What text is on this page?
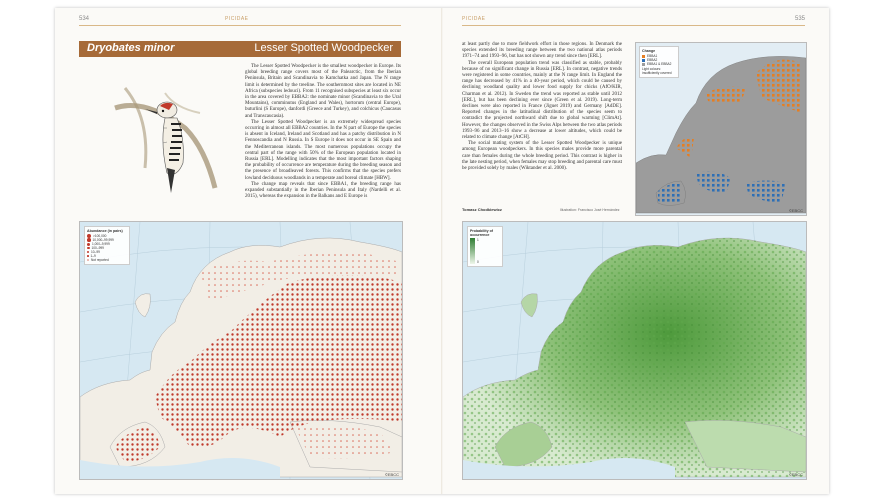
534	PICIDAE
Dryobates minor	Lesser Spotted Woodpecker

The Lesser Spotted Woodpecker is the smallest woodpecker in Europe. Its global breeding range covers most of the Palearctic, from the Iberian Peninsula, Britain and Scandinavia to Kamchatka and Japan. The N range limit is determined by the treeline. The southernmost sites are located in NE Africa (subspecies ledouci). From 11 recognised subspecies at least six occur in the area covered by EBBA2: the nominate minor (Scandinavia to the Ural Mountains), comminutus (England and Wales), hortorum (central Europe), buturlini (S Europe), danfordi (Greece and Turkey), and colchicus (Caucasus and Transcaucasia).

The Lesser Spotted Woodpecker is an extremely widespread species occurring in almost all EBBA2 countries. In the N part of Europe the species is absent in Iceland, Ireland and Scotland and has a patchy distribution in N Fennoscandia and N Russia. In S Europe it does not occur in SE Spain and the Mediterranean islands. The most numerous populations occupy the central part of the range with 50% of the European population located in Russia [ERL]. Modelling indicates that the most important factors shaping the probability of occurrence are temperature during the breeding season and the presence of broadleaved forests. This confirms that the species prefers lowland deciduous woodlands in a temperate and boreal climate [HBW].

The change map reveals that since EBBA1, the breeding range has expanded substantially in the Iberian Peninsula and Italy (Nardelli et al. 2015), whereas the expansion in the Balkans and E Europe is

Abundance (in pairs)
>100,000
10,000–99,999
1,000–9,999
100–999
10–99
1–9
Not reported
©EBCC
535
PICIDAE

at least partly due to more fieldwork effort in those regions. In Denmark the species extended its breeding range between the two national atlas periods 1971–74 and 1993–96, but has not shown any trend since then [ERL].

The overall European population trend was classified as stable, probably because of no significant change in Russia [ERL]. In contrast, negative trends were registered in some countries, mainly at the N range limit. In England the range has decreased by 41% in a 40-year period, which could be caused by declining woodland quality and lower food supply for chicks (AfO/KIR, Charman et al. 2012). In Sweden the trend was reported as stable until 2012 [ERL], but has been declining ever since (Green et al. 2019). Long-term declines were also reported in France (Jiguet 2019) and Germany [AdDE]. Reported changes in the latitudinal distribution of the species seem to contradict the projected northward shift due to global warming [ClimAt]. However, the changes observed in the Swiss Alps between the two atlas periods 1993–96 and 2013–16 show a decrease at lower altitudes, which could be related to climate change [AtCH].

The social mating system of the Lesser Spotted Woodpecker is unique among European woodpeckers. In this species males provide more parental care than females during the whole breeding period. This contrast is higher in the late nesting period, when females may stop breeding and parental care must be provided solely by males (Wiktander et al. 2000).

Tomasz Chodkiewicz	Illustration: Francisco José Hernández
Change
EBBA1
EBBA2
EBBA1 & EBBA2
Light colours: insufficiently covered
©EBCC
Probability of occurrence
1
0
©EBCC
